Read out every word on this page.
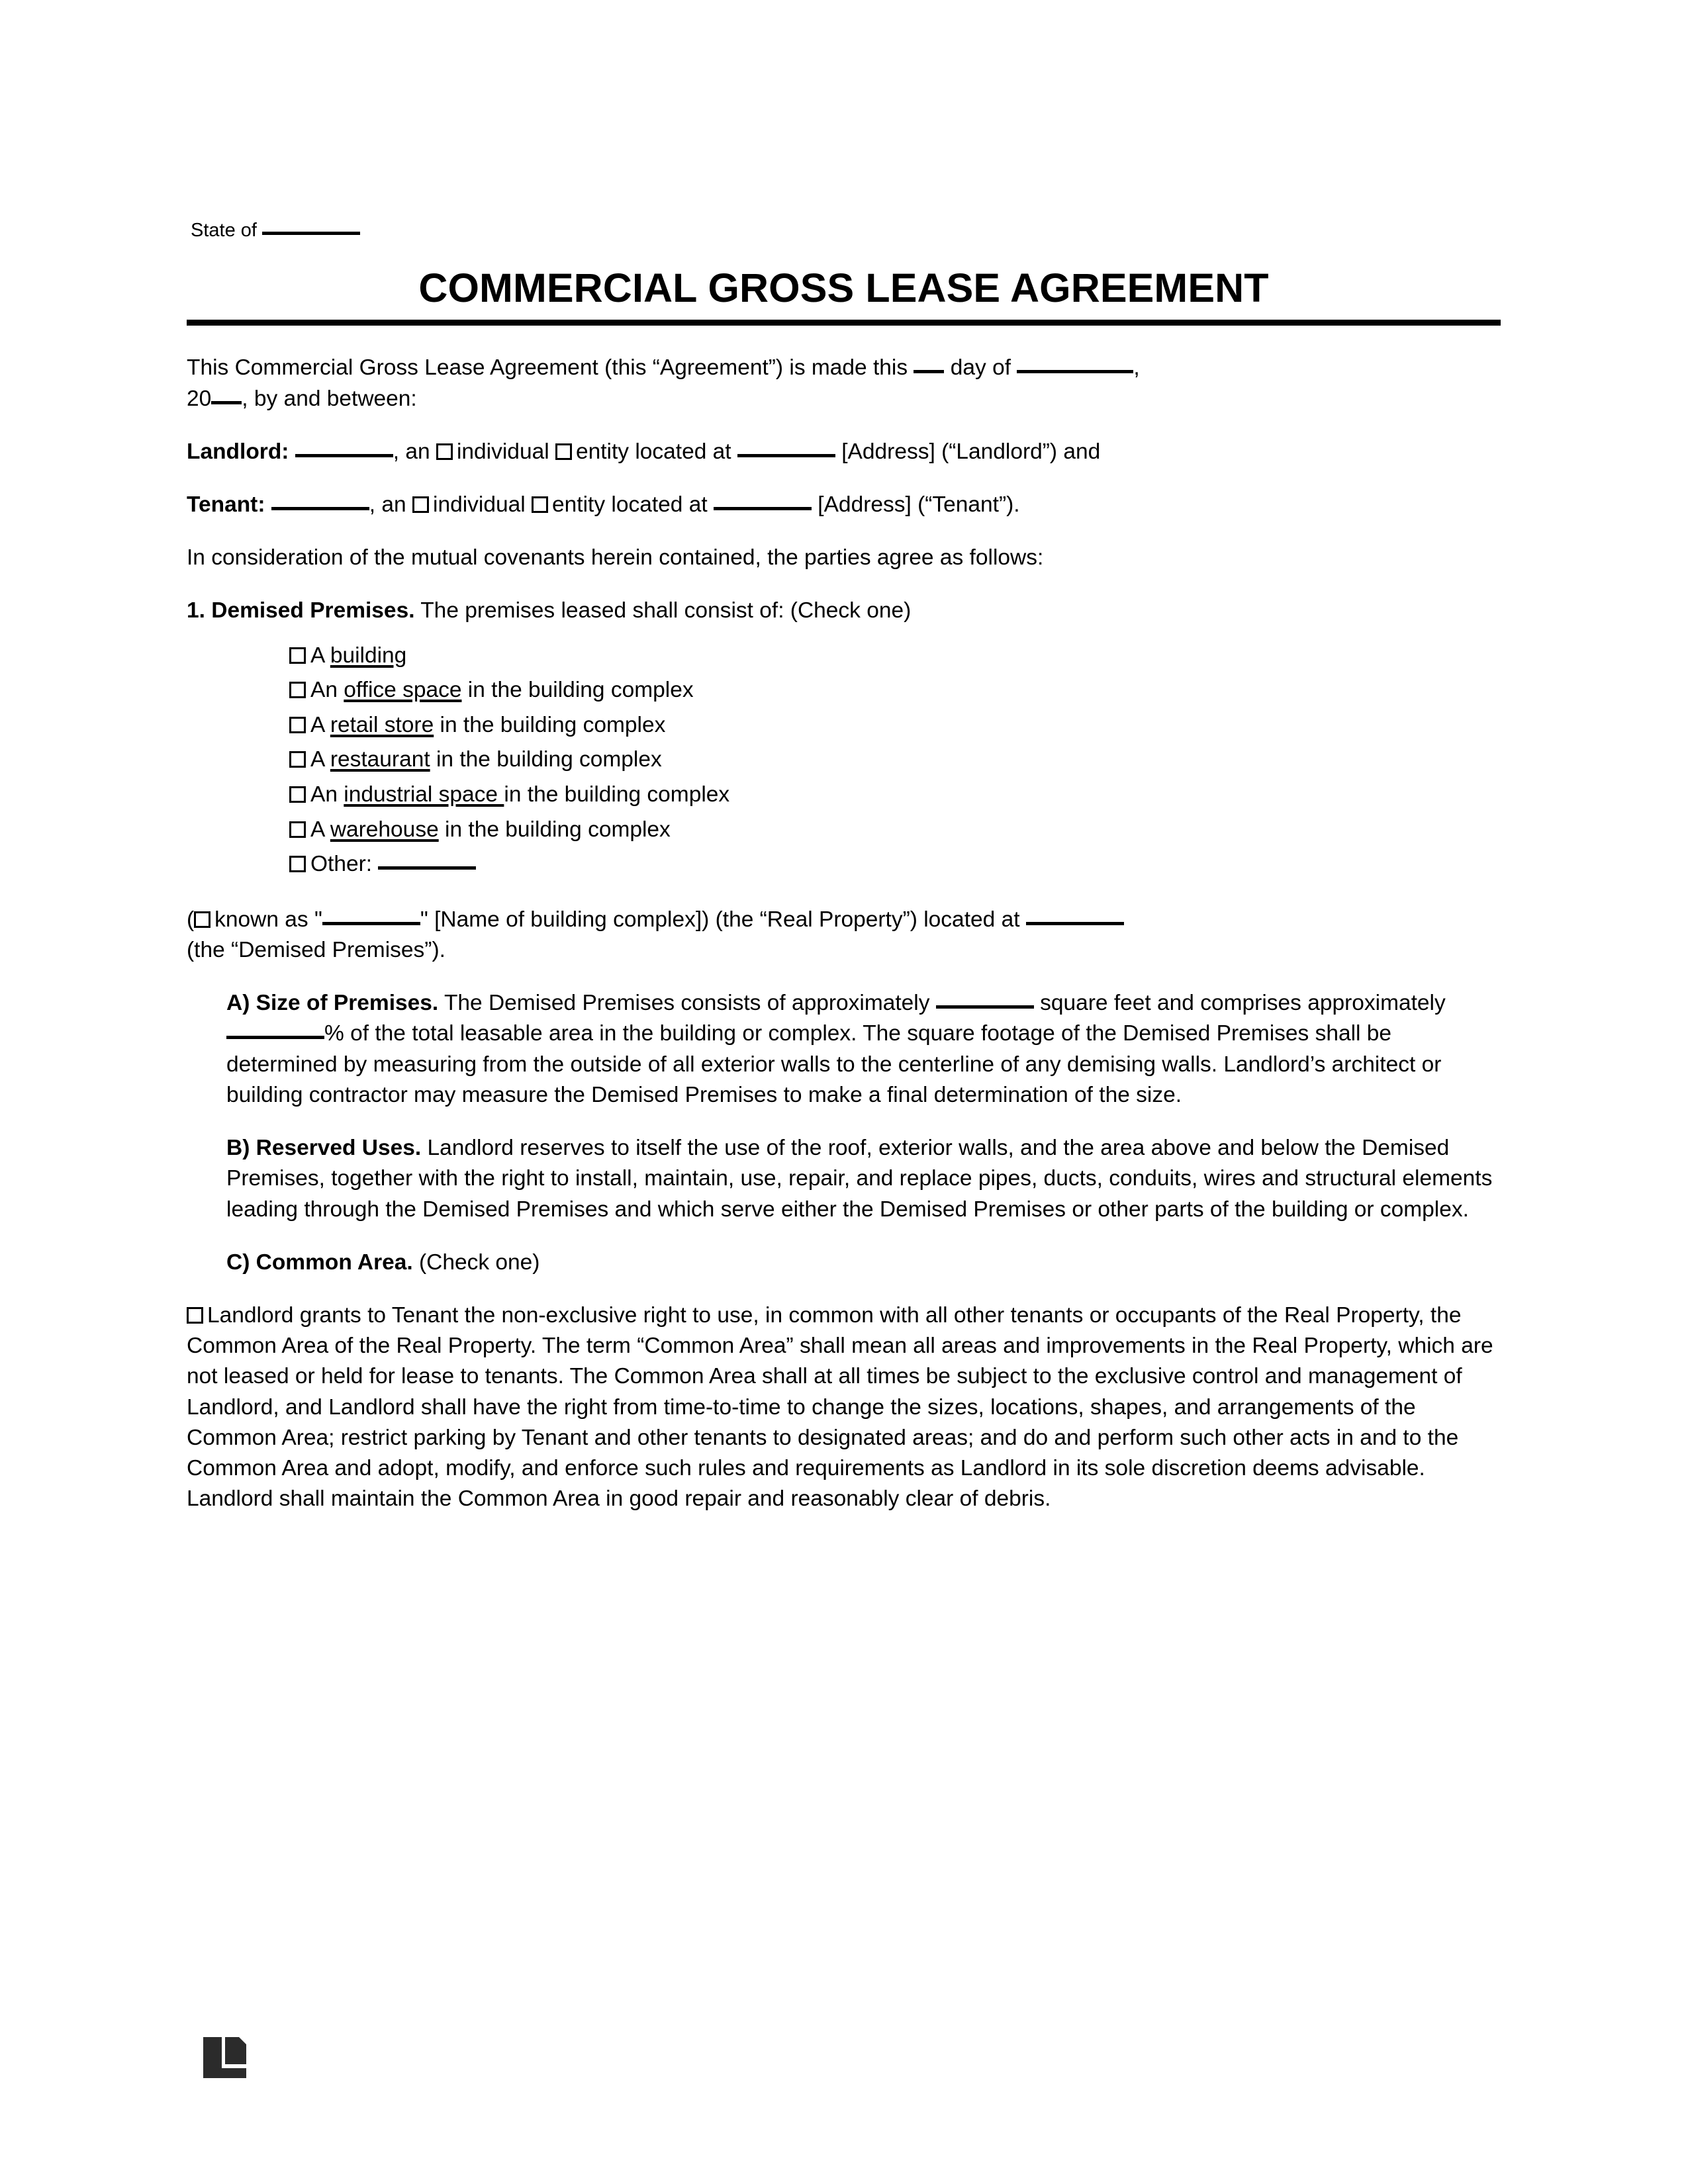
State of
COMMERCIAL GROSS LEASE AGREEMENT

This Commercial Gross Lease Agreement (this “Agreement”) is made this day of	,
20 , by and between:

Landlord:	, an individual entity located at	[Address] (“Landlord”) and

Tenant:	, an individual entity located at	[Address] (“Tenant”).

In consideration of the mutual covenants herein contained, the parties agree as follows:

1. Demised Premises. The premises leased shall consist of: (Check one)

A building
An office space in the building complex
A retail store in the building complex
A restaurant in the building complex
An industrial space in the building complex
A warehouse in the building complex
Other:

( known as "	" [Name of building complex]) (the “Real Property”) located at
(the “Demised Premises”).

A) Size of Premises. The Demised Premises consists of approximately	square feet and comprises approximately % of the total leasable area in the building or complex. The square footage of the Demised Premises shall be determined by measuring from the outside of all exterior walls to the centerline of any demising walls. Landlord’s architect or building contractor may measure the Demised Premises to make a final determination of the size.

B) Reserved Uses. Landlord reserves to itself the use of the roof, exterior walls, and the area above and below the Demised Premises, together with the right to install, maintain, use, repair, and replace pipes, ducts, conduits, wires and structural elements leading through the Demised Premises and which serve either the Demised Premises or other parts of the building or complex.

C) Common Area. (Check one)

Landlord grants to Tenant the non-exclusive right to use, in common with all other tenants or occupants of the Real Property, the Common Area of the Real Property. The term “Common Area” shall mean all areas and improvements in the Real Property, which are not leased or held for lease to tenants. The Common Area shall at all times be subject to the exclusive control and management of Landlord, and Landlord shall have the right from time-to-time to change the sizes, locations, shapes, and arrangements of the Common Area; restrict parking by Tenant and other tenants to designated areas; and do and perform such other acts in and to the Common Area and adopt, modify, and enforce such rules and requirements as Landlord in its sole discretion deems advisable. Landlord shall maintain the Common Area in good repair and reasonably clear of debris.
